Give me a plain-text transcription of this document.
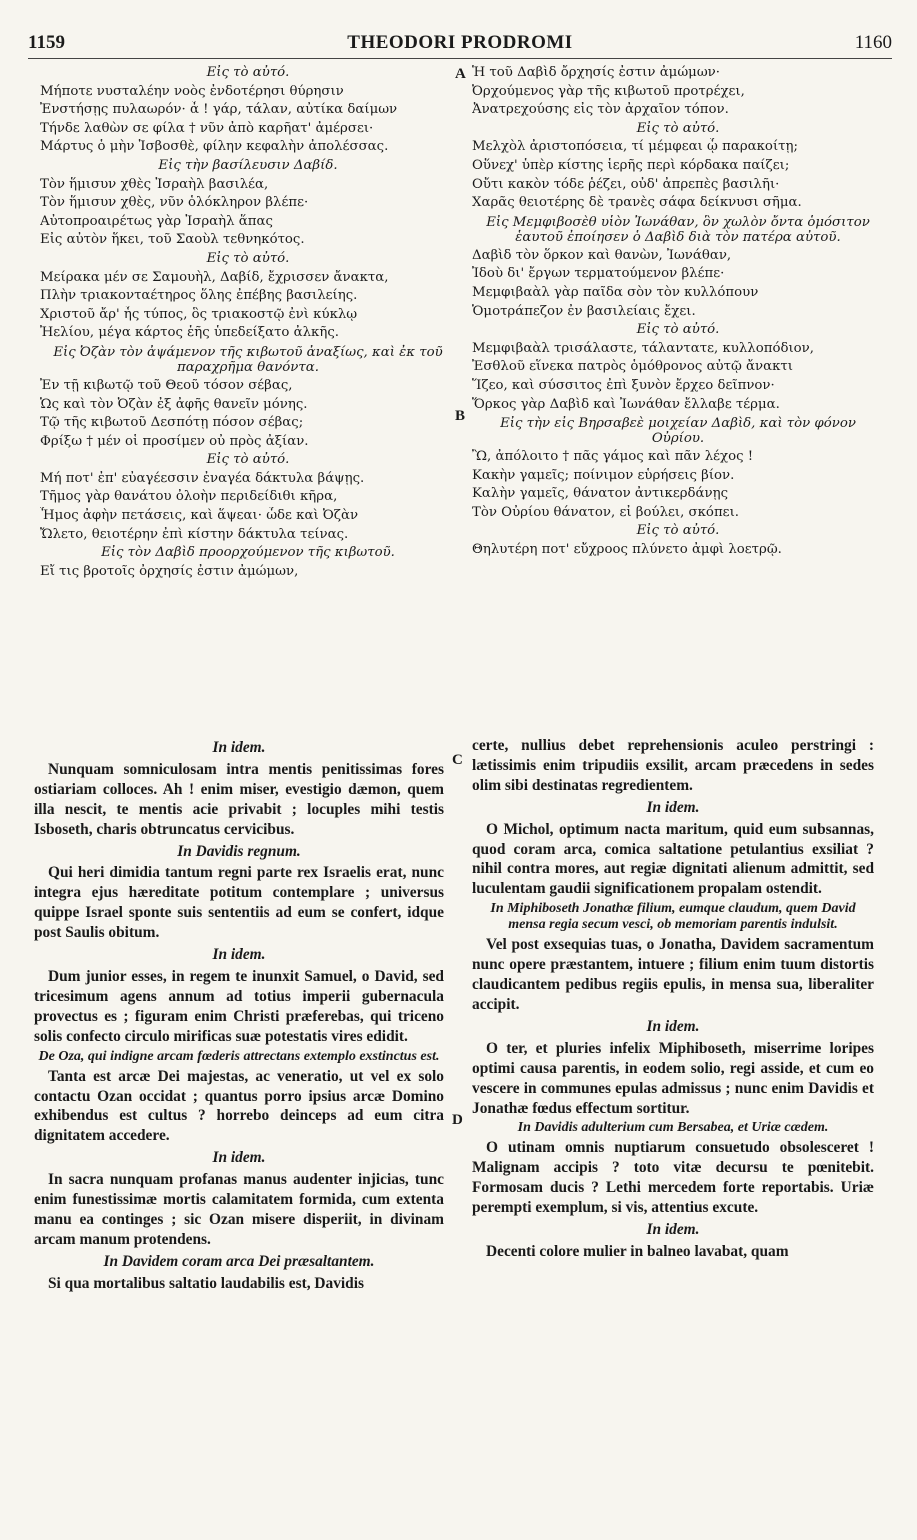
THEODORI PRODROMI
1159	1160
Εἰς τὸ αὐτό.
Μήποτε νυσταλέην νοὸς ἐνδοτέρησι θύρησιν
Ἐνστήσῃς πυλαωρόν· ἆ ! γάρ, τάλαν, αὐτίκα δαίμων
Τήνδε λαθὼν σε φίλα † νῦν ἀπὸ καρῆατ' ἀμέρσει·
Μάρτυς ὁ μὴν Ἰσβοσθὲ, φίλην κεφαλὴν ἀπολέσσας.
Εἰς τὴν βασίλευσιν Δαβίδ.
Τὸν ἥμισυν χθὲς Ἰσραὴλ βασιλέα,
Τὸν ἥμισυν χθὲς, νῦν ὁλόκληρον βλέπε·
Αὐτοπροαιρέτως γὰρ Ἰσραὴλ ἅπας
Εἰς αὐτὸν ἥκει, τοῦ Σαοὺλ τεθνηκότος.
Εἰς τὸ αὐτό.
Μείρακα μέν σε Σαμουὴλ, Δαβίδ, ἔχρισσεν ἄνακτα,
Πλὴν τριακονταέτηρος ὅλης ἐπέβης βασιλείης.
Χριστοῦ ἄρ' ἧς τύπος, ὃς τριακοστῷ ἐνὶ κύκλῳ
Ἠελίου, μέγα κάρτος ἑῆς ὑπεδείξατο ἀλκῆς.
Εἰς Ὀζὰν τὸν ἀψάμενον τῆς κιβωτοῦ ἀναξίως, καὶ ἐκ τοῦ παραχρῆμα θανόντα.
Ἐν τῇ κιβωτῷ τοῦ Θεοῦ τόσον σέβας,
Ὡς καὶ τὸν Ὀζὰν ἐξ ἀφῆς θανεῖν μόνης.
Τῷ τῆς κιβωτοῦ Δεσπότῃ πόσον σέβας;
Φρίξω † μέν οἱ προσίμεν οὐ πρὸς ἀξίαν.
Εἰς τὸ αὐτό.
Μή ποτ' ἐπ' εὐαγέεσσιν ἐναγέα δάκτυλα βάψῃς.
Τῆμος γὰρ θανάτου ὀλοὴν περιδείδιθι κῆρα,
Ἦμος ἀφὴν πετάσεις, καὶ ἅψεαι· ὧδε καὶ Ὀζὰν
Ὤλετο, θειοτέρην ἐπὶ κίστην δάκτυλα τείνας.
Εἰς τὸν Δαβὶδ προορχούμενον τῆς κιβωτοῦ.
Εἴ τις βροτοῖς ὀρχησίς ἐστιν ἀμώμων,
Ἡ τοῦ Δαβὶδ ὄρχησίς ἐστιν ἀμώμων·
Ὀρχούμενος γὰρ τῆς κιβωτοῦ προτρέχει,
Ἀνατρεχούσης εἰς τὸν ἀρχαῖον τόπον.
Εἰς τὸ αὐτό.
Μελχὸλ ἀριστοπόσεια, τί μέμφεαι ᾧ παρακοίτῃ;
Οὕνεχ' ὑπὲρ κίστης ἱερῆς περὶ κόρδακα παίζει;
Οὔτι κακὸν τόδε ῥέζει, οὐδ' ἀπρεπὲς βασιλῆι·
Χαρᾶς θειοτέρης δὲ τρανὲς σάφα δείκνυσι σῆμα.
Εἰς Μεμφιβοσὲθ υἱὸν Ἰωνάθαν, ὃν χωλὸν ὄντα ὁμόσιτον ἑαυτοῦ ἐποίησεν ὁ Δαβὶδ διὰ τὸν πατέρα αὐτοῦ.
Δαβὶδ τὸν ὅρκον καὶ θανὼν, Ἰωνάθαν,
Ἰδοὺ δι' ἔργων τερματούμενον βλέπε·
Μεμφιβαὰλ γὰρ παῖδα σὸν τὸν κυλλόπουν
Ὁμοτράπεζον ἐν βασιλείαις ἔχει.
Εἰς τὸ αὐτό.
Μεμφιβαὰλ τρισάλαστε, τάλαντατε, κυλλοπόδιον,
Ἐσθλοῦ εἵνεκα πατρὸς ὁμόθρονος αὐτῷ ἄνακτι
Ἵζεο, καὶ σύσσιτος ἐπὶ ξυνὸν ἔρχεο δεῖπνον·
Ὅρκος γὰρ Δαβὶδ καὶ Ἰωνάθαν ἔλλαβε τέρμα.
Εἰς τὴν εἰς Βηρσαβεὲ μοιχείαν Δαβὶδ, καὶ τὸν φόνον Οὐρίου.
Ὢ, ἀπόλοιτο † πᾶς γάμος καὶ πᾶν λέχος !
Κακὴν γαμεῖς; ποίνιμον εὑρήσεις βίον.
Καλὴν γαμεῖς, θάνατον ἀντικερδάνῃς
Τὸν Οὐρίου θάνατον, εἰ βούλει, σκόπει.
Εἰς τὸ αὐτό.
Θηλυτέρη ποτ' εὔχροος πλύνετο ἀμφὶ λοετρῷ.
In idem.

Nunquam somniculosam intra mentis penitissimas fores ostiariam colloces. Ah ! enim miser, evestigio dæmon, quem illa nescit, te mentis acie privabit ; locuples mihi testis Isboseth, charis obtruncatus cervicibus.

In Davidis regnum.

Qui heri dimidia tantum regni parte rex Israelis erat, nunc integra ejus hæreditate potitum contemplare ; universus quippe Israel sponte suis sententiis ad eum se confert, idque post Saulis obitum.

In idem.

Dum junior esses, in regem te inunxit Samuel, o David, sed tricesimum agens annum ad totius imperii gubernacula provectus es ; figuram enim Christi præferebas, qui triceno solis confecto circulo mirificas suæ potestatis vires edidit.

De Oza, qui indigne arcam fœderis attrectans extemplo exstinctus est.

Tanta est arcæ Dei majestas, ac veneratio, ut vel ex solo contactu Ozan occidat ; quantus porro ipsius arcæ Domino exhibendus est cultus ? horrebo deinceps ad eum citra dignitatem accedere.

In idem.

In sacra nunquam profanas manus audenter injicias, tunc enim funestissimæ mortis calamitatem formida, cum extenta manu ea continges ; sic Ozan misere disperiit, in divinam arcam manum protendens.

In Davidem coram arca Dei præsaltantem.

Si qua mortalibus saltatio laudabilis est, Davidis

certe, nullius debet reprehensionis aculeo perstringi : lætissimis enim tripudiis exsilit, arcam præcedens in sedes olim sibi destinatas regredientem.

In idem.

O Michol, optimum nacta maritum, quid eum subsannas, quod coram arca, comica saltatione petulantius exsiliat ? nihil contra mores, aut regiæ dignitati alienum admittit, sed luculentam gaudii significationem propalam ostendit.

In Miphiboseth Jonathæ filium, eumque claudum, quem David mensa regia secum vesci, ob memoriam parentis indulsit.

Vel post exsequias tuas, o Jonatha, Davidem sacramentum nunc opere præstantem, intuere ; filium enim tuum distortis claudicantem pedibus regiis epulis, in mensa sua, liberaliter accipit.

In idem.

O ter, et pluries infelix Miphiboseth, miserrime loripes optimi causa parentis, in eodem solio, regi asside, et cum eo vescere in communes epulas admissus ; nunc enim Davidis et Jonathæ fœdus effectum sortitur.

In Davidis adulterium cum Bersabea, et Uriæ cædem.

O utinam omnis nuptiarum consuetudo obsolesceret ! Malignam accipis ? toto vitæ decursu te pœnitebit. Formosam ducis ? Lethi mercedem forte reportabis. Uriæ perempti exemplum, si vis, attentius excute.

In idem.

Decenti colore mulier in balneo lavabat, quam

A
B
C
D
